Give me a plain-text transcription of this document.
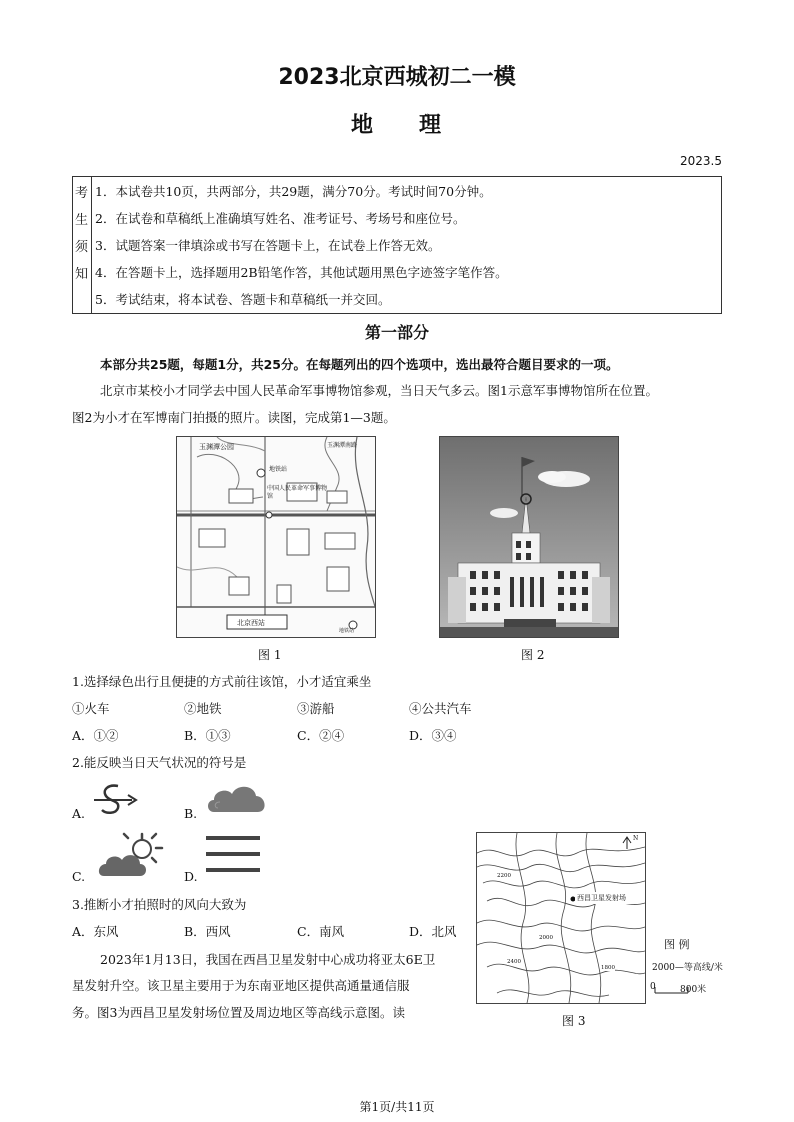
2023北京西城初二一模
地 理
2023.5
考
生
须
知
1．本试卷共10页，共两部分，共29题，满分70分。考试时间70分钟。
2．在试卷和草稿纸上准确填写姓名、准考证号、考场号和座位号。
3．试题答案一律填涂或书写在答题卡上，在试卷上作答无效。
4．在答题卡上，选择题用2B铅笔作答，其他试题用黑色字迹签字笔作答。
5．考试结束，将本试卷、答题卡和草稿纸一并交回。
第一部分
本部分共25题，每题1分，共25分。在每题列出的四个选项中，选出最符合题目要求的一项。
北京市某校小才同学去中国人民革命军事博物馆参观，当日天气多云。图1示意军事博物馆所在位置。
图2为小才在军博南门拍摄的照片。读图，完成第1—3题。
玉渊潭公园	玉渊潭南路
地铁站
中国人民革命军事博物馆
北京西站
地铁站
图 1	图 2
1.选择绿色出行且便捷的方式前往该馆，小才适宜乘坐
①火车	②地铁	③游船	④公共汽车
A．①②	B．①③	C．②④	D．③④
2.能反映当日天气状况的符号是
A.	B.
C.	D.
3.推断小才拍照时的风向大致为
A．东风	B．西风	C．南风	D．北风
2023年1月13日，我国在西昌卫星发射中心成功将亚太6E卫
星发射升空。该卫星主要用于为东南亚地区提供高通量通信服
务。图3为西昌卫星发射场位置及周边地区等高线示意图。读
N
西昌卫星发射场
2000
2200
2400
1800
图 3
图 例
2000—等高线/米
0	800米
第1页/共11页
